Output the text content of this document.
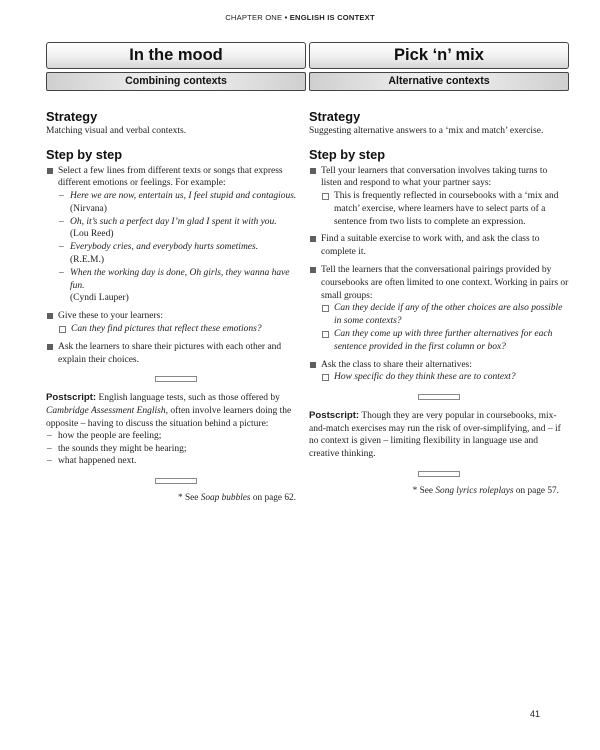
CHAPTER ONE • ENGLISH IS CONTEXT
In the mood
Combining contexts
Strategy
Matching visual and verbal contexts.
Step by step
Select a few lines from different texts or songs that express different emotions or feelings. For example:
– Here we are now, entertain us, I feel stupid and contagious.
(Nirvana)
– Oh, it’s such a perfect day I’m glad I spent it with you.
(Lou Reed)
– Everybody cries, and everybody hurts sometimes.
(R.E.M.)
– When the working day is done, Oh girls, they wanna have fun.
(Cyndi Lauper)
Give these to your learners:
Can they find pictures that reflect these emotions?
Ask the learners to share their pictures with each other and explain their choices.
Postscript: English language tests, such as those offered by Cambridge Assessment English, often involve learners doing the opposite – having to discuss the situation behind a picture:
– how the people are feeling;
– the sounds they might be hearing;
– what happened next.
* See Soap bubbles on page 62.
Pick ‘n’ mix
Alternative contexts
Strategy
Suggesting alternative answers to a ‘mix and match’ exercise.
Step by step
Tell your learners that conversation involves taking turns to listen and respond to what your partner says:
This is frequently reflected in coursebooks with a ‘mix and match’ exercise, where learners have to select parts of a sentence from two lists to complete an expression.
Find a suitable exercise to work with, and ask the class to complete it.
Tell the learners that the conversational pairings provided by coursebooks are often limited to one context. Working in pairs or small groups:
Can they decide if any of the other choices are also possible in some contexts?
Can they come up with three further alternatives for each sentence provided in the first column or box?
Ask the class to share their alternatives:
How specific do they think these are to context?
Postscript: Though they are very popular in coursebooks, mix-and-match exercises may run the risk of over-simplifying, and – if no context is given – limiting flexibility in language use and creative thinking.
* See Song lyrics roleplays on page 57.
41
